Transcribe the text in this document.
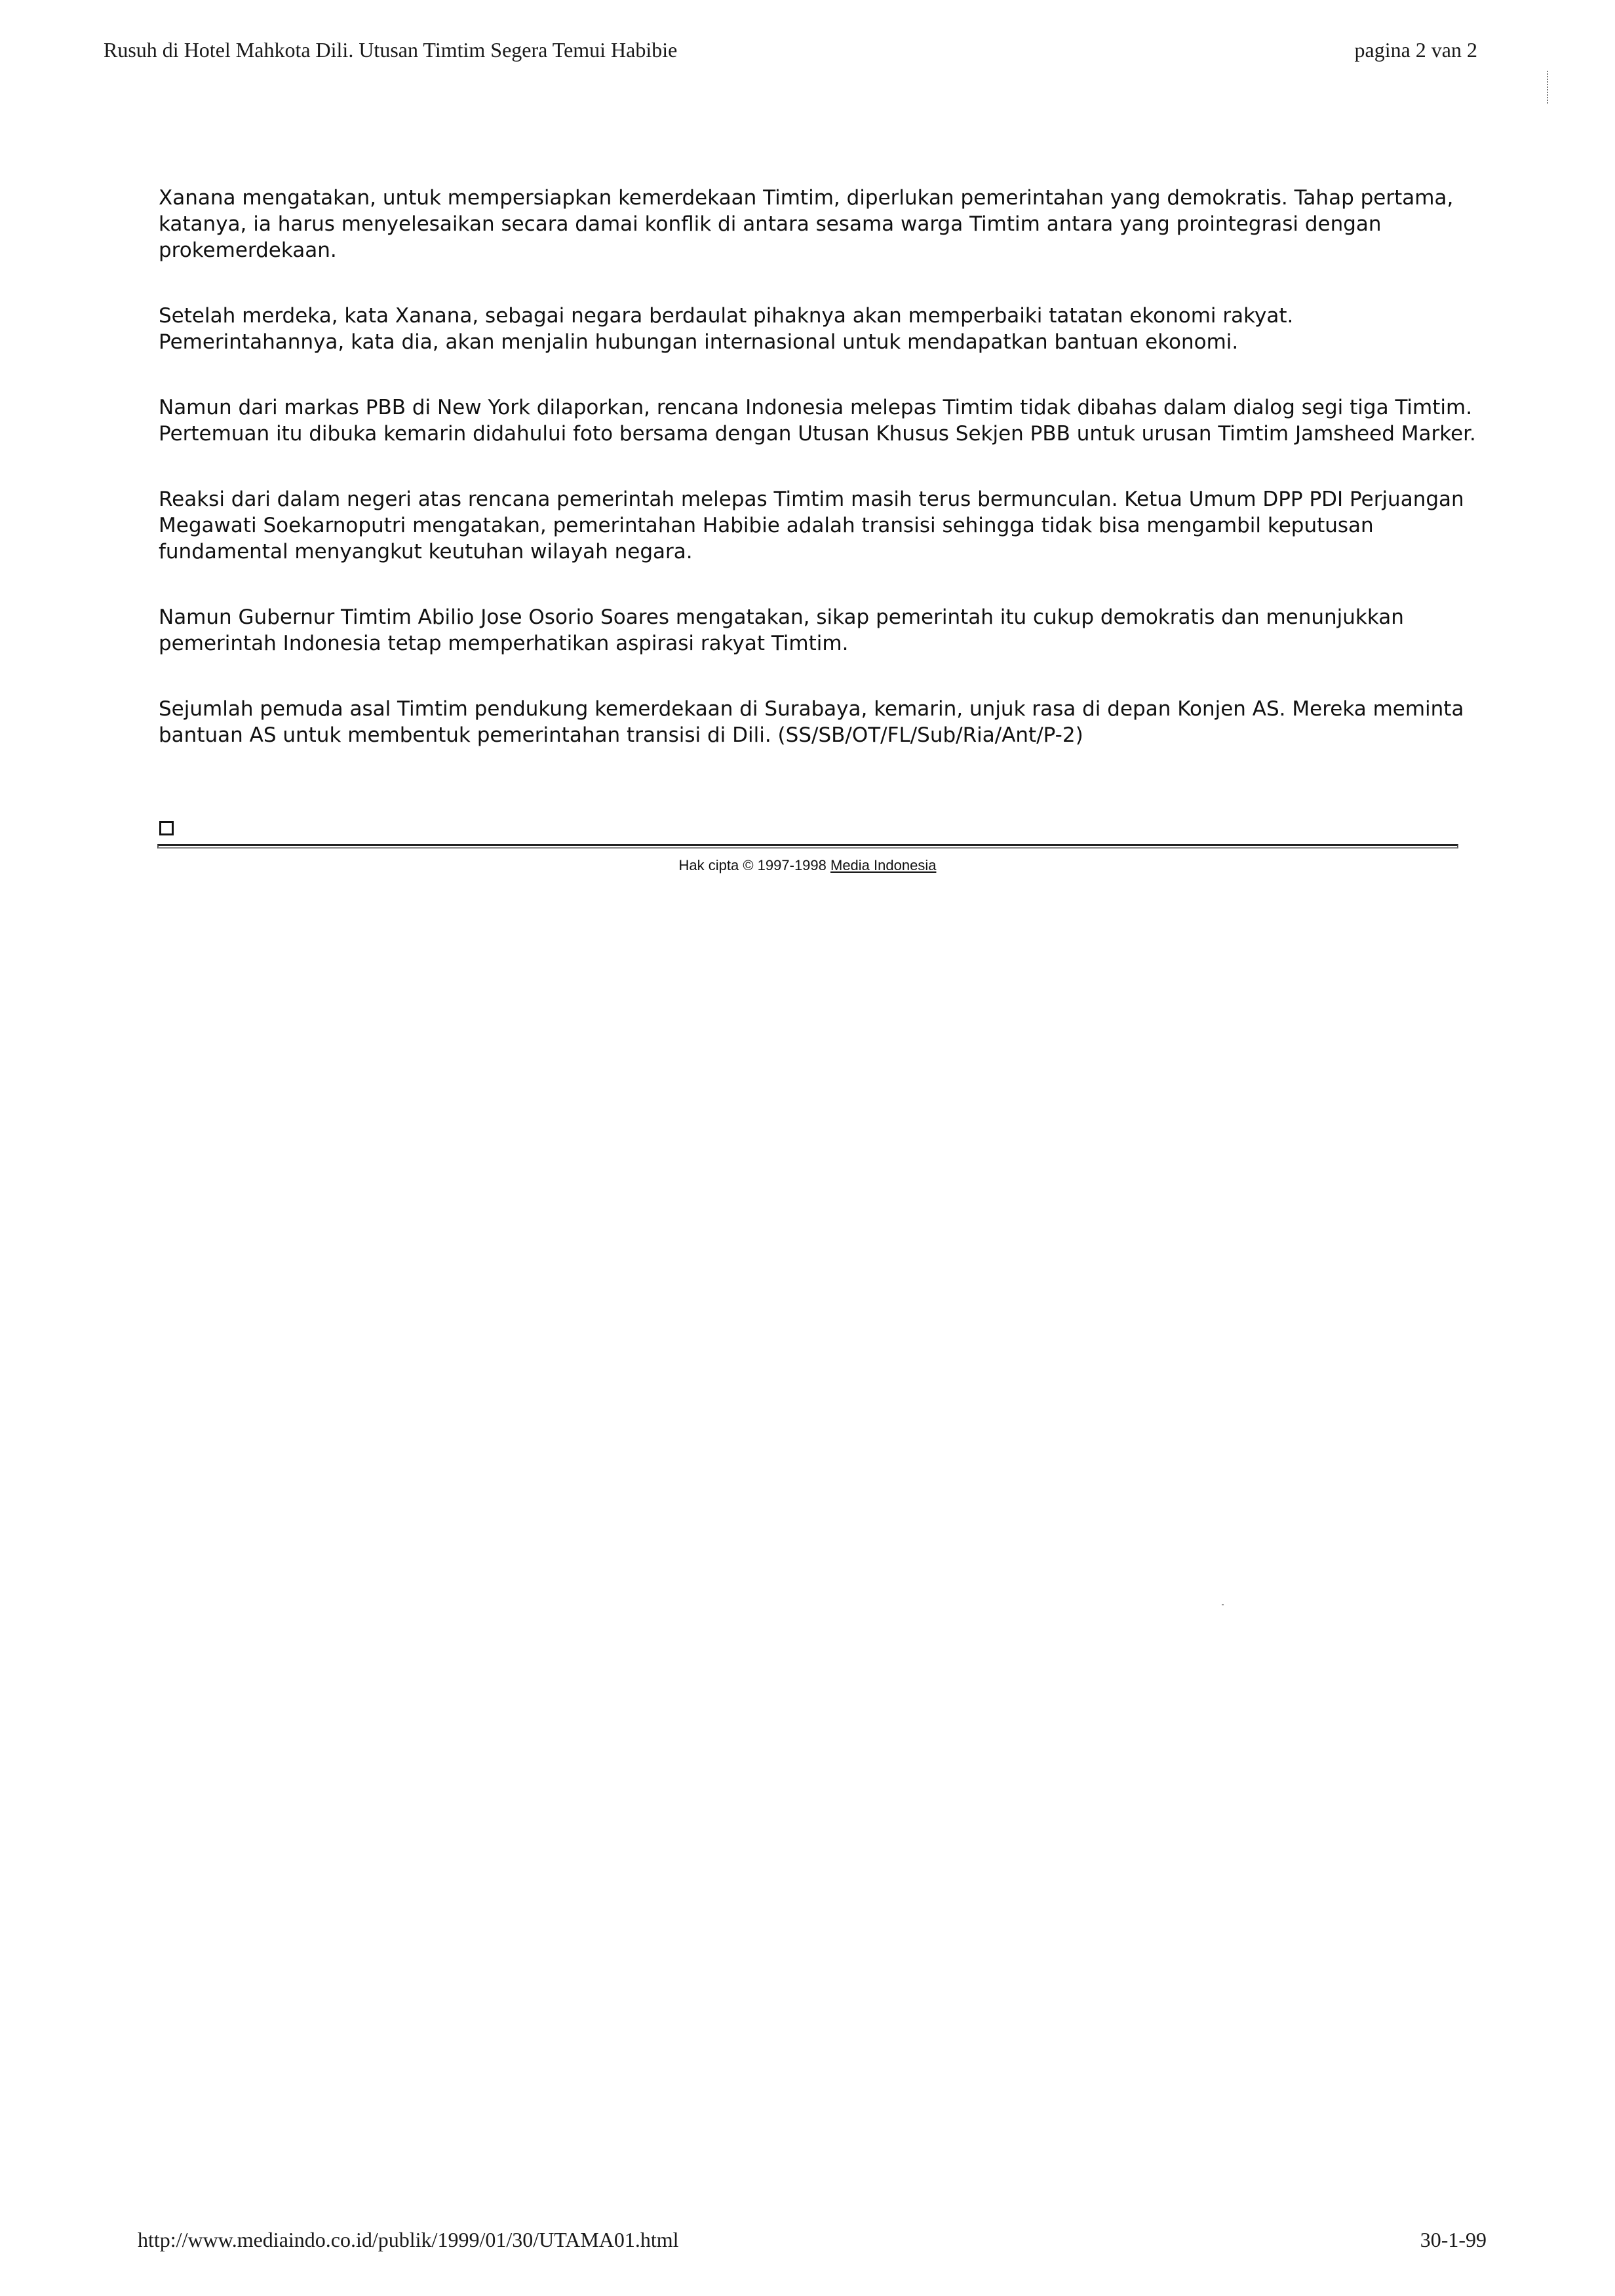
Rusuh di Hotel Mahkota Dili. Utusan Timtim Segera Temui Habibie	pagina 2 van 2

Xanana mengatakan, untuk mempersiapkan kemerdekaan Timtim, diperlukan pemerintahan yang demokratis. Tahap pertama, katanya, ia harus menyelesaikan secara damai konflik di antara sesama warga Timtim antara yang prointegrasi dengan prokemerdekaan.

Setelah merdeka, kata Xanana, sebagai negara berdaulat pihaknya akan memperbaiki tatatan ekonomi rakyat. Pemerintahannya, kata dia, akan menjalin hubungan internasional untuk mendapatkan bantuan ekonomi.

Namun dari markas PBB di New York dilaporkan, rencana Indonesia melepas Timtim tidak dibahas dalam dialog segi tiga Timtim. Pertemuan itu dibuka kemarin didahului foto bersama dengan Utusan Khusus Sekjen PBB untuk urusan Timtim Jamsheed Marker.

Reaksi dari dalam negeri atas rencana pemerintah melepas Timtim masih terus bermunculan. Ketua Umum DPP PDI Perjuangan Megawati Soekarnoputri mengatakan, pemerintahan Habibie adalah transisi sehingga tidak bisa mengambil keputusan fundamental menyangkut keutuhan wilayah negara.

Namun Gubernur Timtim Abilio Jose Osorio Soares mengatakan, sikap pemerintah itu cukup demokratis dan menunjukkan pemerintah Indonesia tetap memperhatikan aspirasi rakyat Timtim.

Sejumlah pemuda asal Timtim pendukung kemerdekaan di Surabaya, kemarin, unjuk rasa di depan Konjen AS. Mereka meminta bantuan AS untuk membentuk pemerintahan transisi di Dili. (SS/SB/OT/FL/Sub/Ria/Ant/P-2)

Hak cipta © 1997-1998 Media Indonesia
http://www.mediaindo.co.id/publik/1999/01/30/UTAMA01.html	30-1-99
